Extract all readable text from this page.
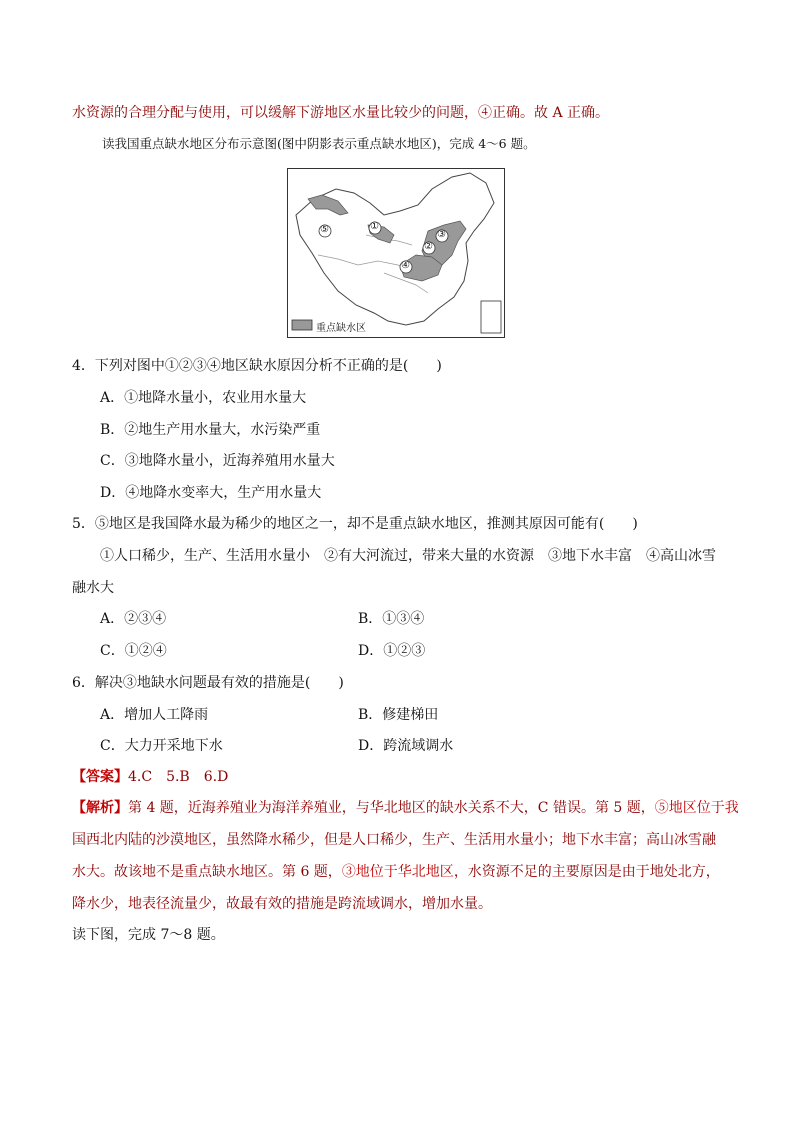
水资源的合理分配与使用，可以缓解下游地区水量比较少的问题，④正确。故 A 正确。
读我国重点缺水地区分布示意图(图中阴影表示重点缺水地区)，完成 4～6 题。
⑤	①
②
③
④
重点缺水区
4．下列对图中①②③④地区缺水原因分析不正确的是(　　)
A．①地降水量小，农业用水量大
B．②地生产用水量大，水污染严重
C．③地降水量小，近海养殖用水量大
D．④地降水变率大，生产用水量大
5．⑤地区是我国降水最为稀少的地区之一，却不是重点缺水地区，推测其原因可能有(　　)
①人口稀少，生产、生活用水量小　②有大河流过，带来大量的水资源　③地下水丰富　④高山冰雪
融水大
A．②③④	B．①③④
C．①②④	D．①②③
6．解决③地缺水问题最有效的措施是(　　)
A．增加人工降雨	B．修建梯田
C．大力开采地下水	D．跨流域调水
【答案】4.C　5.B　6.D
【解析】第 4 题，近海养殖业为海洋养殖业，与华北地区的缺水关系不大，C 错误。第 5 题，⑤地区位于我
国西北内陆的沙漠地区，虽然降水稀少，但是人口稀少，生产、生活用水量小；地下水丰富；高山冰雪融
水大。故该地不是重点缺水地区。第 6 题，③地位于华北地区，水资源不足的主要原因是由于地处北方，
降水少，地表径流量少，故最有效的措施是跨流域调水，增加水量。
读下图，完成 7～8 题。
